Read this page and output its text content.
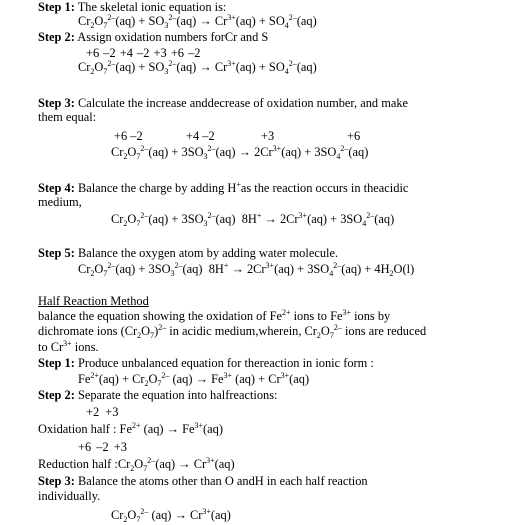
Step 1: The skeletal ionic equation is:
$Cr_2O_7^{2-}(aq) + SO_3^{2-}(aq) \to Cr^{3+}(aq) + SO_4^{2-}(aq)$
Step 2: Assign oxidation numbers forCr and S
+6 –2 +4 –2 +3 +6 –2
$Cr_2O_7^{2-}(aq) + SO_3^{2-}(aq) \to Cr^{3+}(aq) + SO_4^{2-}(aq)$
Step 3: Calculate the increase anddecrease of oxidation number, and make
them equal:
+6 –2	+4 –2	+3	+6
$Cr_2O_7^{2-}(aq) + 3SO_3^{2-}(aq) \to 2Cr^{3+}(aq) + 3SO_4^{2-}(aq)$
Step 4: Balance the charge by adding H+as the reaction occurs in theacidic
medium,
$Cr_2O_7^{2-}(aq) + 3SO_3^{2-}(aq) 8H^+ \to 2Cr^{3+}(aq) + 3SO_4^{2-}(aq)$
Step 5: Balance the oxygen atom by adding water molecule.
$Cr_2O_7^{2-}(aq) + 3SO_3^{2-}(aq) 8H^+ \to 2Cr^{3+}(aq) + 3SO_4^{2-}(aq) + 4H_2O(l)$
Half Reaction Method
balance the equation showing the oxidation of $Fe^{2+}$ ions to $Fe^{3+}$ ions by
dichromate ions $(Cr_2O_7)^{2-}$ in acidic medium,wherein, $Cr_2O_7^{2-}$ ions are reduced
to $Cr^{3+}$ ions.
Step 1: Produce unbalanced equation for thereaction in ionic form :
$Fe^{2+}(aq) + Cr_2O_7^{2-}$ $(aq) \to Fe^{3+}$ $(aq) + Cr^{3+}(aq)$
Step 2: Separate the equation into halfreactions:
+2 +3
Oxidation half : $Fe^{2+}$ $(aq) \to Fe^{3+}(aq)$
+6 –2 +3
Reduction half $:Cr_2O_7^{2-}(aq) \to Cr^{3+}(aq)$
Step 3: Balance the atoms other than O andH in each half reaction
individually.
$Cr_2O_7^{2-}$ $(aq) \to Cr^{3+}(aq)$
